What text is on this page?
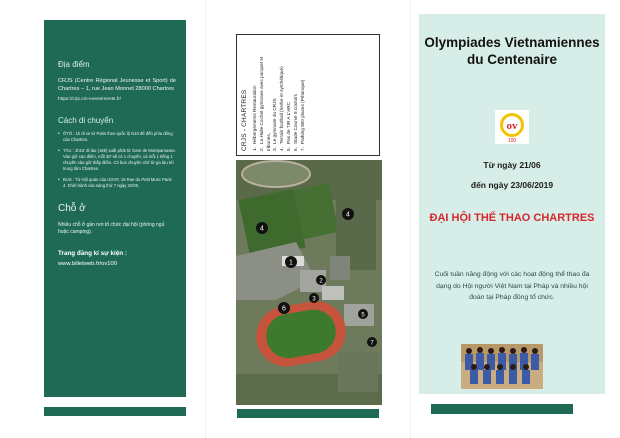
Địa điểm

CRJS (Centre Régional Jeunesse et Sport) de Chartres – 1, rue Jean Monnet 28000 Chartres

https://crjs.cm-evenements.fr/
Cách di chuyển
• ÔTÔ : 1h đi xe từ Paris theo quốc lộ N10 để đến phía đông của Chartres.
• TÀU : 1h15' đi tàu (16€) xuất phát từ Gare de Montparnasse. Vào giờ cao điểm, mỗi 30' sẽ có 1 chuyến, và mỗi 1 tiếng 1 chuyến vào giờ thấp điểm. Có bus chuyên chở từ ga tàu tới trung tâm Chartres.
• BUS : Từ Hội quán của UGVF, 16 Rue du Petit Musc Paris 4. Khởi hành vào sáng thứ 7 ngày 22/06.
Chỗ ở

Nhiều chỗ ở gần nơi tổ chức đại hội (phòng ngủ hoặc camping).

Trang đăng kí sự kiện :
www.billetweb.fr/ov100
CRJS - CHARTRES 1.Hébergements Restauration
2.La Halle Cochet gymnase avec parquet et tribunes, 3.Le gymnase du CRJS
4.Terrain football (herbe et synthétique)
5.Pas de TIR A L'ARC
6.Stade Course 8 couloirs
7.Parking 800 places (Pétanque)
1
2
3
4
4
5
6
7
Olympiades Vietnamiennes du Centenaire
ov
100
Từ ngày 21/06
đến ngày 23/06/2019
ĐẠI HỘI THỂ THAO CHARTRES

Cuối tuần năng động với các hoạt động thể thao đa dạng do Hội người Việt Nam tại Pháp và nhiều hội đoàn tại Pháp đồng tổ chức.
